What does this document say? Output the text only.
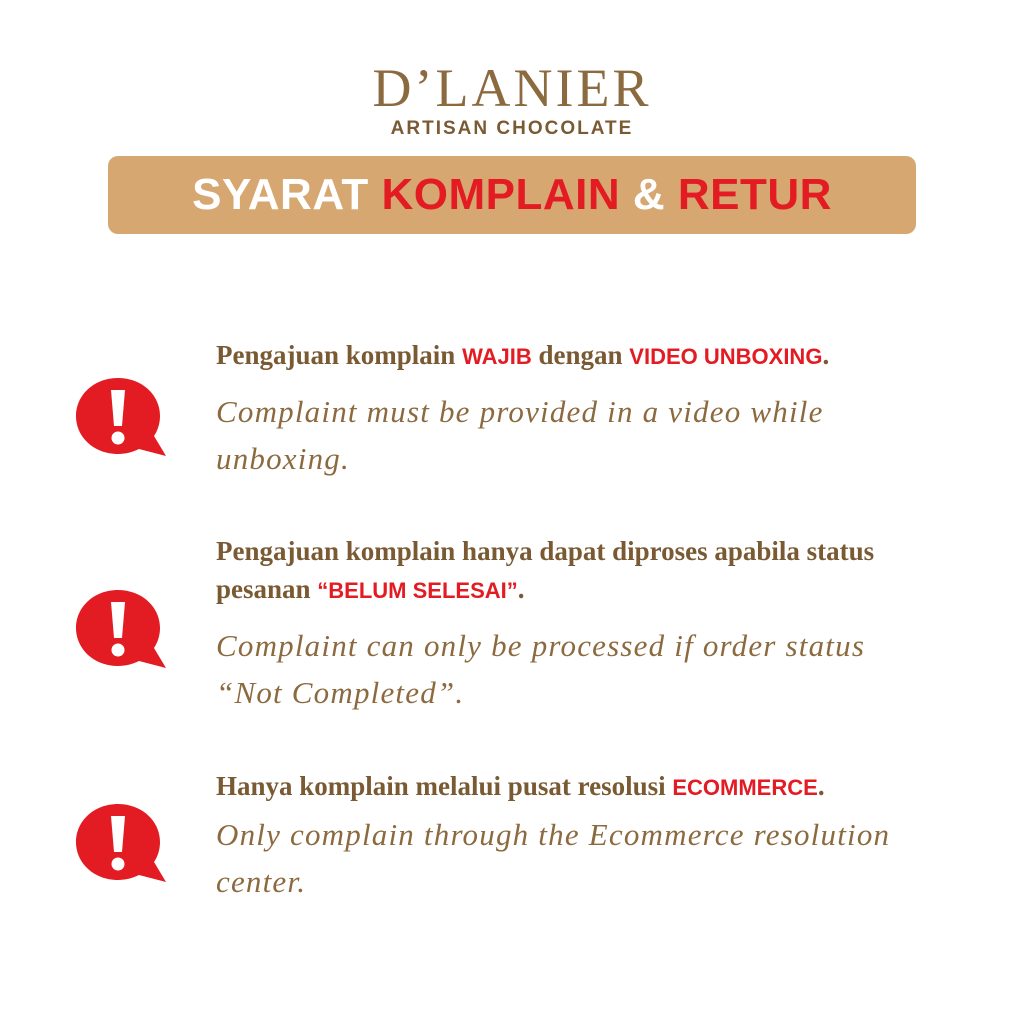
D’LANIER
ARTISAN CHOCOLATE
SYARAT KOMPLAIN & RETUR
Pengajuan komplain WAJIB dengan VIDEO UNBOXING.
Complaint must be provided in a video while unboxing.
Pengajuan komplain hanya dapat diproses apabila status pesanan “BELUM SELESAI”.
Complaint can only be processed if order status “Not Completed”.
Hanya komplain melalui pusat resolusi ECOMMERCE.
Only complain through the Ecommerce resolution center.
